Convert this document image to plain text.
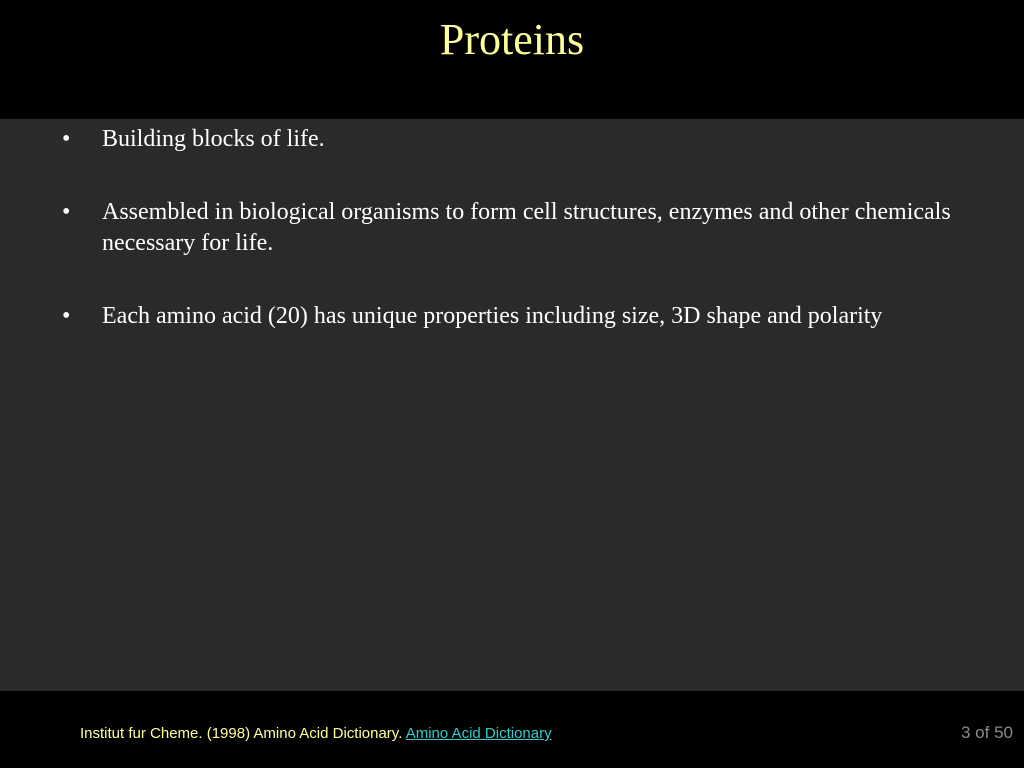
Proteins
•	Building blocks of life.
•	Assembled in biological organisms to form cell structures, enzymes and other chemicals necessary for life.
•	Each amino acid (20) has unique properties including size, 3D shape and polarity
Institut fur Cheme. (1998) Amino Acid Dictionary. Amino Acid Dictionary	3 of 50
